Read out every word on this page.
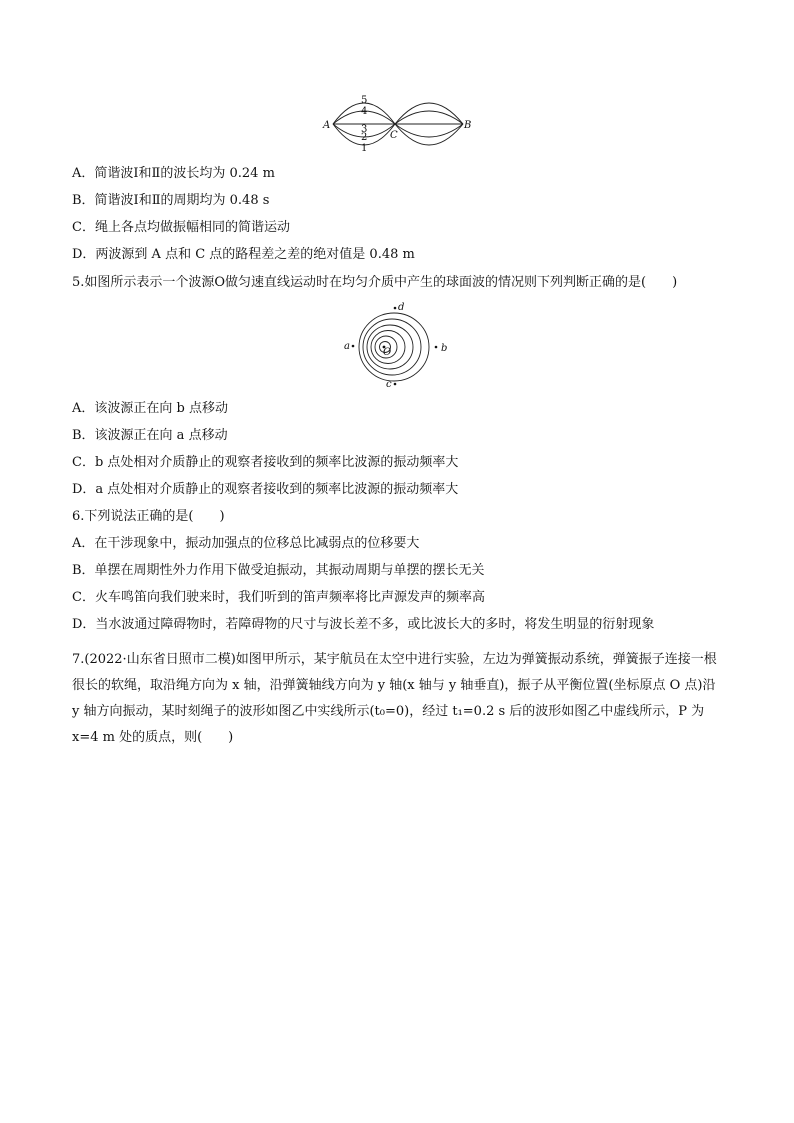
A
C
B
5
4
3
2
1
A．简谐波Ⅰ和Ⅱ的波长均为 0.24 m
B．简谐波Ⅰ和Ⅱ的周期均为 0.48 s
C．绳上各点均做振幅相同的简谐运动
D．两波源到 A 点和 C 点的路程差之差的绝对值是 0.48 m
5.如图所示表示一个波源O做匀速直线运动时在均匀介质中产生的球面波的情况则下列判断正确的是(　　)
a	b
c
d
O
A．该波源正在向 b 点移动
B．该波源正在向 a 点移动
C．b 点处相对介质静止的观察者接收到的频率比波源的振动频率大
D．a 点处相对介质静止的观察者接收到的频率比波源的振动频率大
6.下列说法正确的是(　　)
A．在干涉现象中，振动加强点的位移总比减弱点的位移要大
B．单摆在周期性外力作用下做受迫振动，其振动周期与单摆的摆长无关
C．火车鸣笛向我们驶来时，我们听到的笛声频率将比声源发声的频率高
D．当水波通过障碍物时，若障碍物的尺寸与波长差不多，或比波长大的多时，将发生明显的衍射现象
7.(2022·山东省日照市二模)如图甲所示，某宇航员在太空中进行实验，左边为弹簧振动系统，弹簧振子连接一根很长的软绳，取沿绳方向为 x 轴，沿弹簧轴线方向为 y 轴(x 轴与 y 轴垂直)，振子从平衡位置(坐标原点 O 点)沿 y 轴方向振动，某时刻绳子的波形如图乙中实线所示(t₀=0)，经过 t₁=0.2 s 后的波形如图乙中虚线所示，P 为 x=4 m 处的质点，则(　　)
